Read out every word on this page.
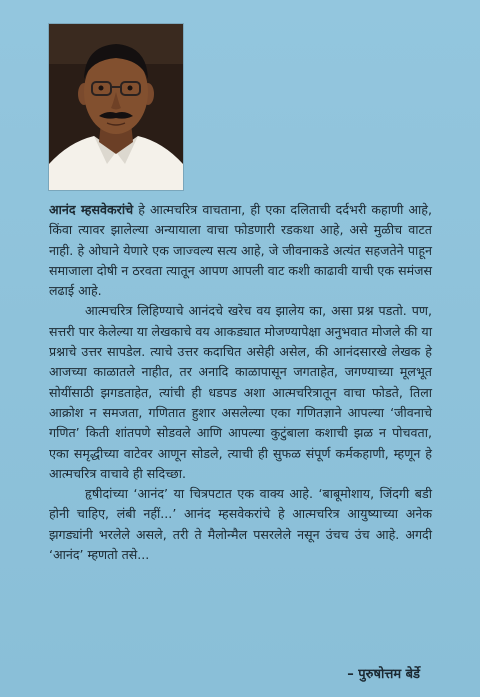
आनंद म्हसवेकरांचे हे आत्मचरित्र वाचताना, ही एका दलिताची दर्दभरी कहाणी आहे, किंवा त्यावर झालेल्या अन्यायाला वाचा फोडणारी रडकथा आहे, असे मुळीच वाटत नाही. हे ओघाने येणारे एक जाज्वल्य सत्य आहे, जे जीवनाकडे अत्यंत सहजतेने पाहून समाजाला दोषी न ठरवता त्यातून आपण आपली वाट कशी काढावी याची एक समंजस लढाई आहे.

आत्मचरित्र लिहिण्याचे आनंदचे खरेच वय झालेय का, असा प्रश्न पडतो. पण, सत्तरी पार केलेल्या या लेखकाचे वय आकड्यात मोजण्यापेक्षा अनुभवात मोजले की या प्रश्नाचे उत्तर सापडेल. त्याचे उत्तर कदाचित असेही असेल, की आनंदसारखे लेखक हे आजच्या काळातले नाहीत, तर अनादि काळापासून जगताहेत, जगण्याच्या मूलभूत सोयींसाठी झगडताहेत, त्यांची ही धडपड अशा आत्मचरित्रातून वाचा फोडते, तिला आक्रोश न समजता, गणितात हुशार असलेल्या एका गणितज्ञाने आपल्या ‘जीवनाचे गणित’ किती शांतपणे सोडवले आणि आपल्या कुटुंबाला कशाची झळ न पोचवता, एका समृद्धीच्या वाटेवर आणून सोडले, त्याची ही सुफळ संपूर्ण कर्मकहाणी, म्हणून हे आत्मचरित्र वाचावे ही सदिच्छा.

हृषीदांच्या ‘आनंद’ या चित्रपटात एक वाक्य आहे. ‘बाबूमोशाय, जिंदगी बडी होनी चाहिए, लंबी नहीं...’ आनंद म्हसवेकरांचे हे आत्मचरित्र आयुष्याच्या अनेक झगड्यांनी भरलेले असले, तरी ते मैलोन्मैल पसरलेले नसून उंचच उंच आहे. अगदी ‘आनंद’ म्हणतो तसे...

– पुरुषोत्तम बेर्डे
